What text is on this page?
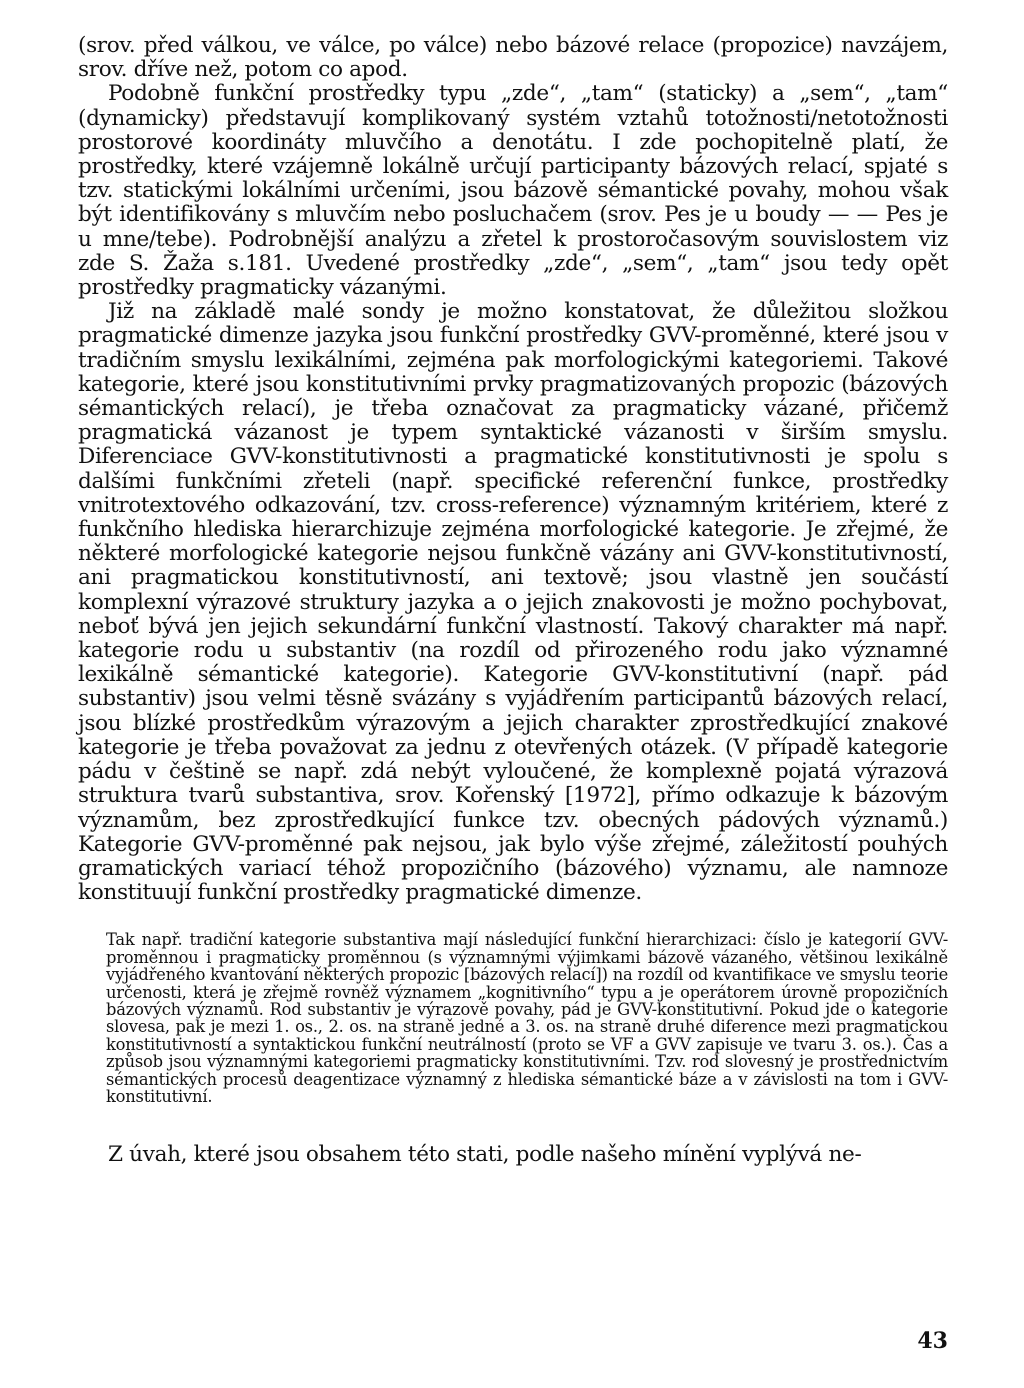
(srov. před válkou, ve válce, po válce) nebo bázové relace (propozice) navzájem, srov. dříve než, potom co apod.

Podobně funkční prostředky typu „zde“, „tam“ (staticky) a „sem“, „tam“ (dynamicky) představují komplikovaný systém vztahů totožnosti/netotožnosti prostorové koordináty mluvčího a denotátu. I zde pochopitelně platí, že prostředky, které vzájemně lokálně určují participanty bázových relací, spjaté s tzv. statickými lokálními určeními, jsou bázově sémantické povahy, mohou však být identifikovány s mluvčím nebo posluchačem (srov. Pes je u boudy — — Pes je u mne/tebe). Podrobnější analýzu a zřetel k prostoročasovým souvislostem viz zde S. Žaža s.181. Uvedené prostředky „zde“, „sem“, „tam“ jsou tedy opět prostředky pragmaticky vázanými.

Již na základě malé sondy je možno konstatovat, že důležitou složkou pragmatické dimenze jazyka jsou funkční prostředky GVV-proměnné, které jsou v tradičním smyslu lexikálními, zejména pak morfologickými kategoriemi. Takové kategorie, které jsou konstitutivními prvky pragmatizovaných propozic (bázových sémantických relací), je třeba označovat za pragmaticky vázané, přičemž pragmatická vázanost je typem syntaktické vázanosti v širším smyslu. Diferenciace GVV-konstitutivnosti a pragmatické konstitutivnosti je spolu s dalšími funkčními zřeteli (např. specifické referenční funkce, prostředky vnitrotextového odkazování, tzv. cross-reference) významným kritériem, které z funkčního hlediska hierarchizuje zejména morfologické kategorie. Je zřejmé, že některé morfologické kategorie nejsou funkčně vázány ani GVV-konstitutivností, ani pragmatickou konstitutivností, ani textově; jsou vlastně jen součástí komplexní výrazové struktury jazyka a o jejich znakovosti je možno pochybovat, neboť bývá jen jejich sekundární funkční vlastností. Takový charakter má např. kategorie rodu u substantiv (na rozdíl od přirozeného rodu jako významné lexikálně sémantické kategorie). Kategorie GVV-konstitutivní (např. pád substantiv) jsou velmi těsně svázány s vyjádřením participantů bázových relací, jsou blízké prostředkům výrazovým a jejich charakter zprostředkující znakové kategorie je třeba považovat za jednu z otevřených otázek. (V případě kategorie pádu v češtině se např. zdá nebýt vyloučené, že komplexně pojatá výrazová struktura tvarů substantiva, srov. Kořenský [1972], přímo odkazuje k bázovým významům, bez zprostředkující funkce tzv. obecných pádových významů.) Kategorie GVV-proměnné pak nejsou, jak bylo výše zřejmé, záležitostí pouhých gramatických variací téhož propozičního (bázového) významu, ale namnoze konstituují funkční prostředky pragmatické dimenze.

Tak např. tradiční kategorie substantiva mají následující funkční hierarchizaci: číslo je kategorií GVV-proměnnou i pragmaticky proměnnou (s významnými výjimkami bázově vázaného, většinou lexikálně vyjádřeného kvantování některých propozic [bázových relací]) na rozdíl od kvantifikace ve smyslu teorie určenosti, která je zřejmě rovněž významem „kognitivního“ typu a je operátorem úrovně propozičních bázových významů. Rod substantiv je výrazově povahy, pád je GVV-konstitutivní. Pokud jde o kategorie slovesa, pak je mezi 1. os., 2. os. na straně jedné a 3. os. na straně druhé diference mezi pragmatickou konstitutivností a syntaktickou funkční neutrálností (proto se VF a GVV zapisuje ve tvaru 3. os.). Čas a způsob jsou významnými kategoriemi pragmaticky konstitutivními. Tzv. rod slovesný je prostřednictvím sémantických procesů deagentizace významný z hlediska sémantické báze a v závislosti na tom i GVV-konstitutivní.

Z úvah, které jsou obsahem této stati, podle našeho mínění vyplývá ne-

43
